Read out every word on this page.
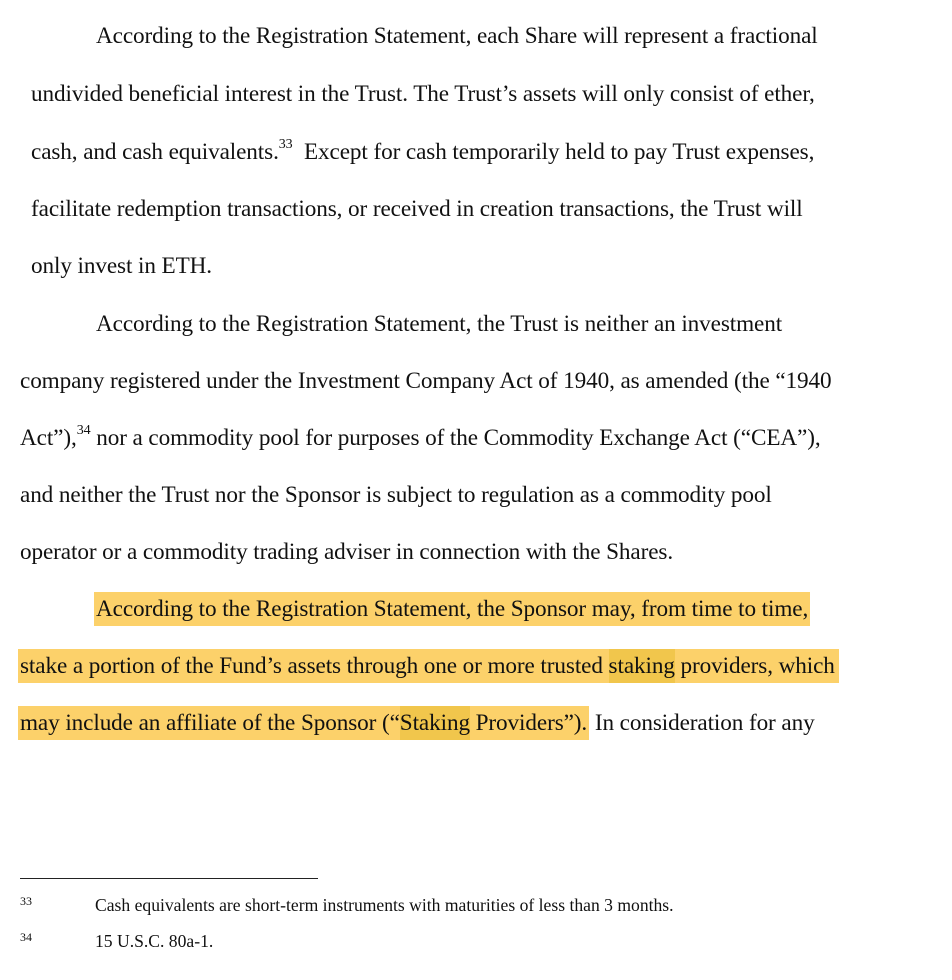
According to the Registration Statement, each Share will represent a fractional
undivided beneficial interest in the Trust. The Trust’s assets will only consist of ether,
cash, and cash equivalents.$^{33}$  Except for cash temporarily held to pay Trust expenses,
facilitate redemption transactions, or received in creation transactions, the Trust will
only invest in ETH.
According to the Registration Statement, the Trust is neither an investment
company registered under the Investment Company Act of 1940, as amended (the “1940
Act”),$^{34}$ nor a commodity pool for purposes of the Commodity Exchange Act (“CEA”),
and neither the Trust nor the Sponsor is subject to regulation as a commodity pool
operator or a commodity trading adviser in connection with the Shares.
According to the Registration Statement, the Sponsor may, from time to time,
stake a portion of the Fund’s assets through one or more trusted staking providers, which
may include an affiliate of the Sponsor (“Staking Providers”). In consideration for any
33	Cash equivalents are short-term instruments with maturities of less than 3 months.
34	15 U.S.C. 80a-1.
